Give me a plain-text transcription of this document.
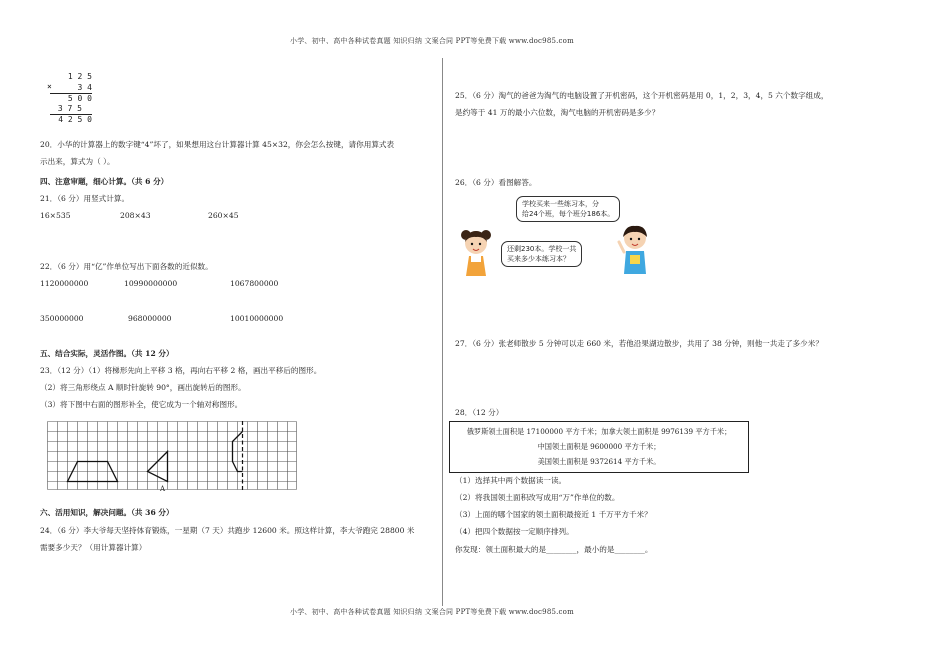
小学、初中、高中各种试卷真题 知识归纳 文案合同 PPT等免费下载 www.doc985.com
小学、初中、高中各种试卷真题 知识归纳 文案合同 PPT等免费下载 www.doc985.com
1 2 5
3 4
×
5 0 0
3 7 5
4 2 5 0
20．小华的计算器上的数字键“4”坏了，如果想用这台计算器计算 45×32，你会怎么按键，请你用算式表
示出来，算式为（ ）。
四、注意审题，细心计算。（共 6 分）
21．（6 分）用竖式计算。
16×535	208×43	260×45
22．（6 分）用“亿”作单位写出下面各数的近似数。
1120000000	10990000000	1067800000
350000000	968000000	10010000000
五、结合实际，灵活作图。（共 12 分）
23．（12 分）（1）将梯形先向上平移 3 格，再向右平移 2 格，画出平移后的图形。
（2）将三角形绕点 A 顺时针旋转 90°，画出旋转后的图形。
（3）将下图中右面的图形补全，使它成为一个轴对称图形。
A
六、活用知识，解决问题。（共 36 分）
24．（6 分）李大爷每天坚持体育锻炼，一星期（7 天）共跑步 12600 米。照这样计算，李大爷跑完 28800 米
需要多少天？（用计算器计算）
25．（6 分）淘气的爸爸为淘气的电脑设置了开机密码，这个开机密码是用 0，1，2，3，4，5 六个数字组成，
是约等于 41 万的最小六位数，淘气电脑的开机密码是多少？
26．（6 分）看图解答。
学校买来一些练习本，分
给24个班，每个班分186本。
还剩230本。学校一共
买来多少本练习本？
27．（6 分）张老师散步 5 分钟可以走 660 米，若他沿果湖边散步，共用了 38 分钟，则他一共走了多少米？
28．（12 分）
俄罗斯领土面积是 17100000 平方千米；加拿大领土面积是 9976139 平方千米；
中国领土面积是 9600000 平方千米；
美国领土面积是 9372614 平方千米。
（1）选择其中两个数据读一读。
（2）将我国领土面积改写成用“万”作单位的数。
（3）上面的哪个国家的领土面积最接近 1 千万平方千米？
（4）把四个数据按一定顺序排列。
你发现：领土面积最大的是________，最小的是________。
